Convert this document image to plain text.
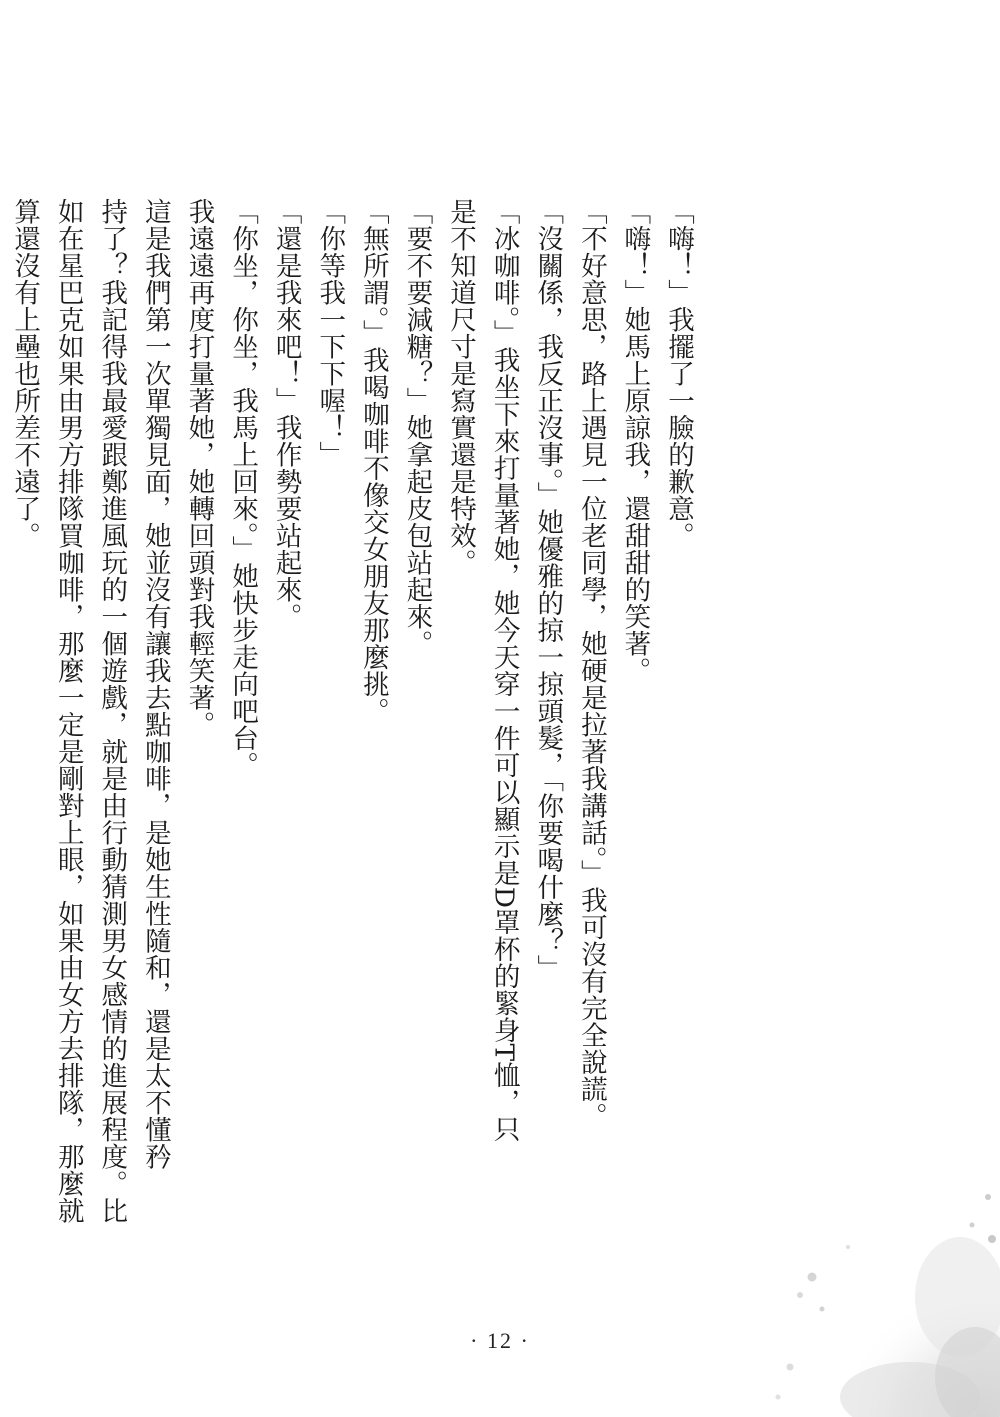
「嗨！」我擺了一臉的歉意。
「嗨！」她馬上原諒我，還甜甜的笑著。
「不好意思，路上遇見一位老同學，她硬是拉著我講話。」我可沒有完全說謊。
「沒關係，我反正沒事。」她優雅的掠一掠頭髮，「你要喝什麼？」
「冰咖啡。」我坐下來打量著她，她今天穿一件可以顯示是D罩杯的緊身T恤，只
是不知道尺寸是寫實還是特效。
「要不要減糖？」她拿起皮包站起來。
「無所謂。」我喝咖啡不像交女朋友那麼挑。
「你等我一下下喔！」
「還是我來吧！」我作勢要站起來。
「你坐，你坐，我馬上回來。」她快步走向吧台。
我遠遠再度打量著她，她轉回頭對我輕笑著。
這是我們第一次單獨見面，她並沒有讓我去點咖啡，是她生性隨和，還是太不懂矜
持了？我記得我最愛跟鄭進風玩的一個遊戲，就是由行動猜測男女感情的進展程度。比
如在星巴克如果由男方排隊買咖啡，那麼一定是剛對上眼，如果由女方去排隊，那麼就
算還沒有上壘也所差不遠了。
· 12 ·
